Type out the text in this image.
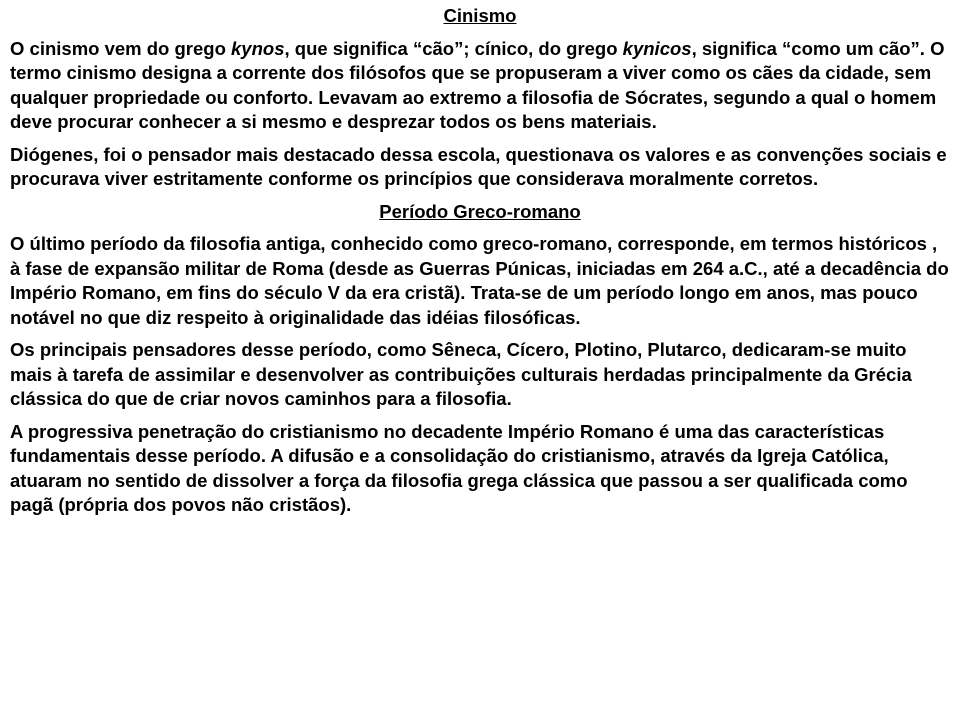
Cinismo
O cinismo vem do grego kynos, que significa “cão”; cínico, do grego kynicos, significa “como um cão”. O termo cinismo designa a corrente dos filósofos que se propuseram a viver como os cães da cidade, sem qualquer propriedade ou conforto. Levavam ao extremo a filosofia de Sócrates, segundo a qual o homem deve procurar conhecer a si mesmo e desprezar todos os bens materiais.
Diógenes, foi o pensador mais destacado dessa escola, questionava os valores e as convenções sociais e procurava viver estritamente conforme os princípios que considerava moralmente corretos.
Período Greco-romano
O último período da filosofia antiga, conhecido como greco-romano, corresponde, em termos históricos , à fase de expansão militar de Roma (desde as Guerras Púnicas, iniciadas em 264 a.C., até a decadência do Império Romano, em fins do século V da era cristã). Trata-se de um período longo em anos, mas pouco notável no que diz respeito à originalidade das idéias filosóficas.
Os principais pensadores desse período, como Sêneca, Cícero, Plotino, Plutarco, dedicaram-se muito mais à tarefa de assimilar e desenvolver as contribuições culturais herdadas principalmente da Grécia clássica do que de criar novos caminhos para a filosofia.
A progressiva penetração do cristianismo no decadente Império Romano é uma das características fundamentais desse período. A difusão e a consolidação do cristianismo, através da Igreja Católica, atuaram no sentido de dissolver a força da filosofia grega clássica que passou a ser qualificada como pagã (própria dos povos não cristãos).
